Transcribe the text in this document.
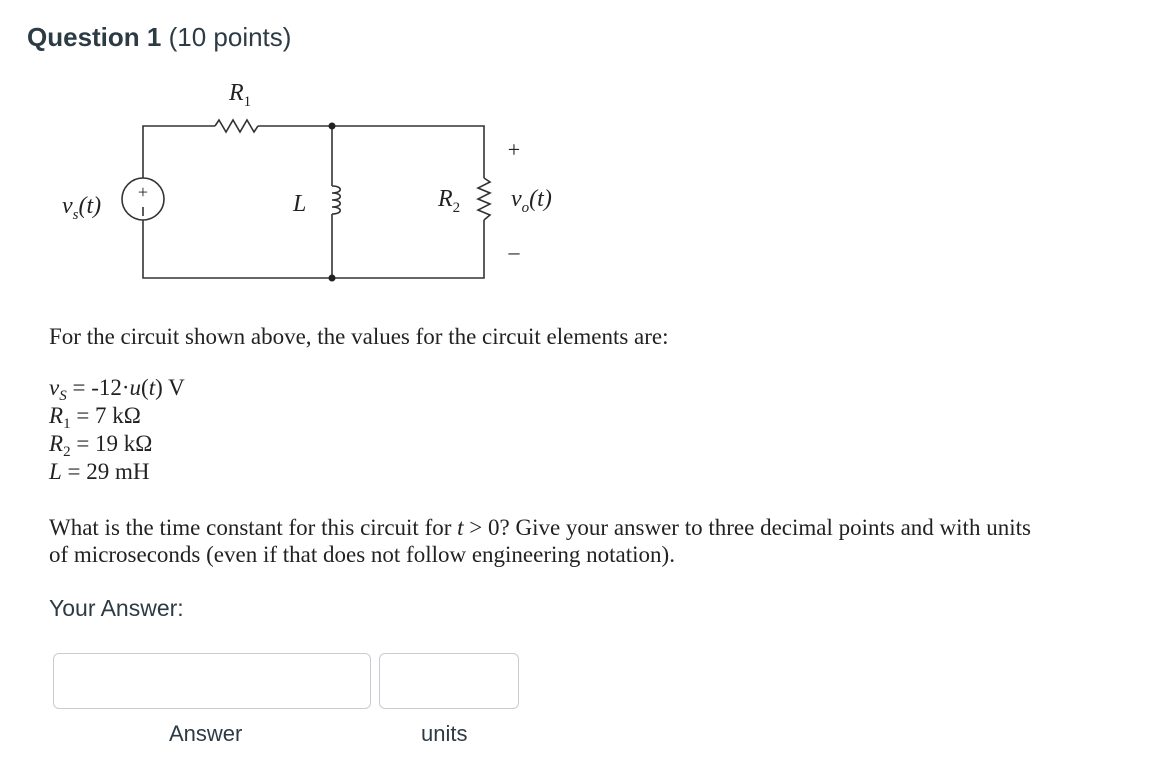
Question 1 (10 points)
+
$R_1$
$v_s(t)$	L	$R_2$
+
$v_o(t)$
–
For the circuit shown above, the values for the circuit elements are:
$v_S = -12\cdot u(t)$ V
$R_1 = 7$ kΩ
$R_2 = 19$ kΩ
L = 29 mH
What is the time constant for this circuit for t > 0? Give your answer to three decimal points and with units of microseconds (even if that does not follow engineering notation).
Your Answer:
Answer	units
